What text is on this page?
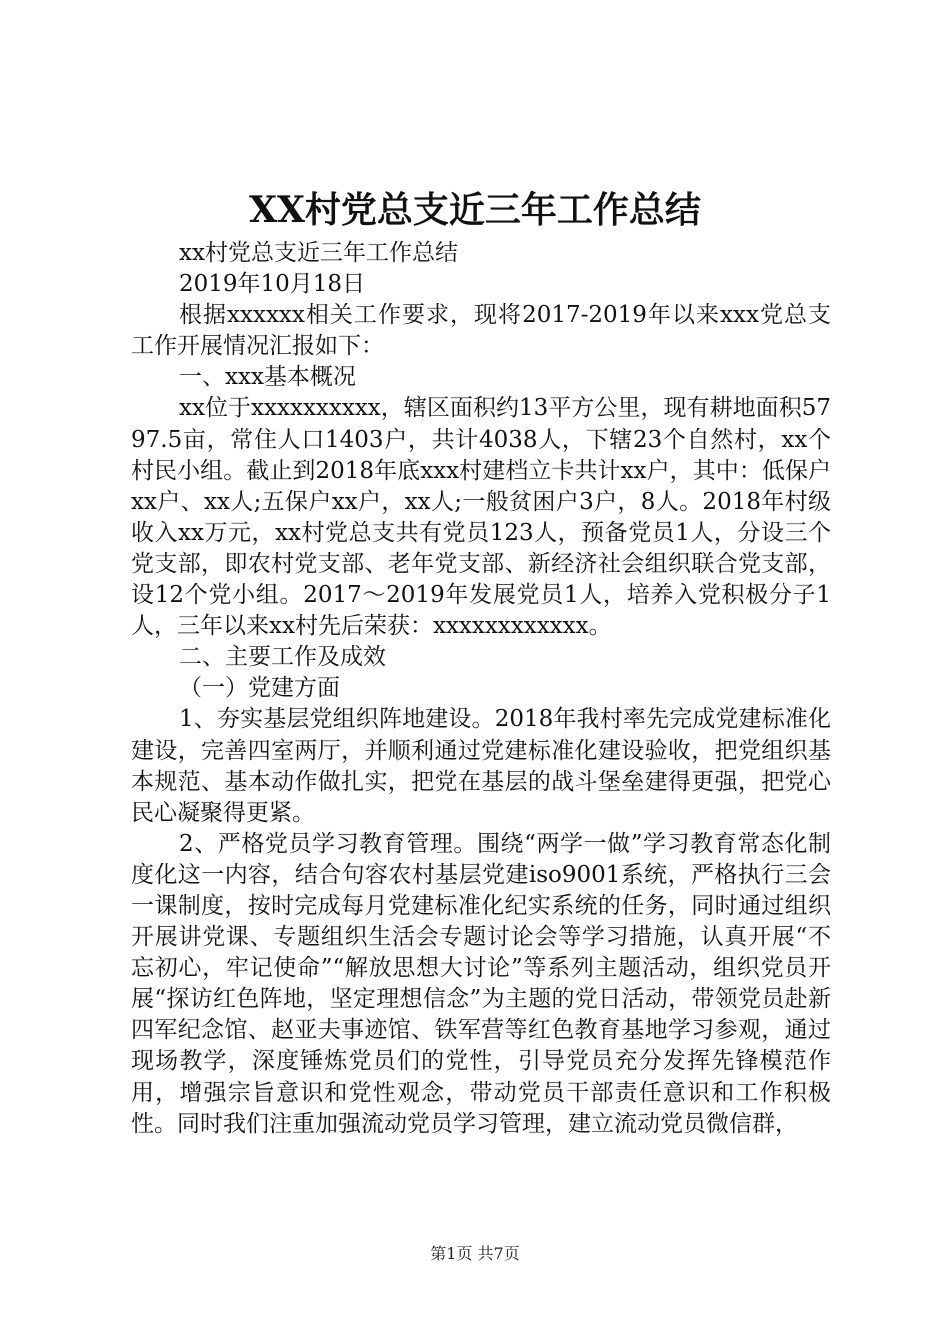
XX村党总支近三年工作总结

xx村党总支近三年工作总结

2019年10月18日

根据xxxxxx相关工作要求，现将2017-2019年以来xxx党总支工作开展情况汇报如下：

一、xxx基本概况

xx位于xxxxxxxxxx，辖区面积约13平方公里，现有耕地面积5797.5亩，常住人口1403户，共计4038人，下辖23个自然村，xx个村民小组。截止到2018年底xxx村建档立卡共计xx户，其中：低保户xx户、xx人;五保户xx户，xx人;一般贫困户3户，8人。2018年村级收入xx万元，xx村党总支共有党员123人，预备党员1人，分设三个党支部，即农村党支部、老年党支部、新经济社会组织联合党支部，设12个党小组。2017～2019年发展党员1人，培养入党积极分子1人，三年以来xx村先后荣获：xxxxxxxxxxxx。

二、主要工作及成效

（一）党建方面

1、夯实基层党组织阵地建设。2018年我村率先完成党建标准化建设，完善四室两厅，并顺利通过党建标准化建设验收，把党组织基本规范、基本动作做扎实，把党在基层的战斗堡垒建得更强，把党心民心凝聚得更紧。

2、严格党员学习教育管理。围绕“两学一做”学习教育常态化制度化这一内容，结合句容农村基层党建iso9001系统，严格执行三会一课制度，按时完成每月党建标准化纪实系统的任务，同时通过组织开展讲党课、专题组织生活会专题讨论会等学习措施，认真开展“不忘初心，牢记使命”“解放思想大讨论”等系列主题活动，组织党员开展“探访红色阵地，坚定理想信念”为主题的党日活动，带领党员赴新四军纪念馆、赵亚夫事迹馆、铁军营等红色教育基地学习参观，通过现场教学，深度锤炼党员们的党性，引导党员充分发挥先锋模范作用，增强宗旨意识和党性观念，带动党员干部责任意识和工作积极性。同时我们注重加强流动党员学习管理，建立流动党员微信群，

第1页 共7页
